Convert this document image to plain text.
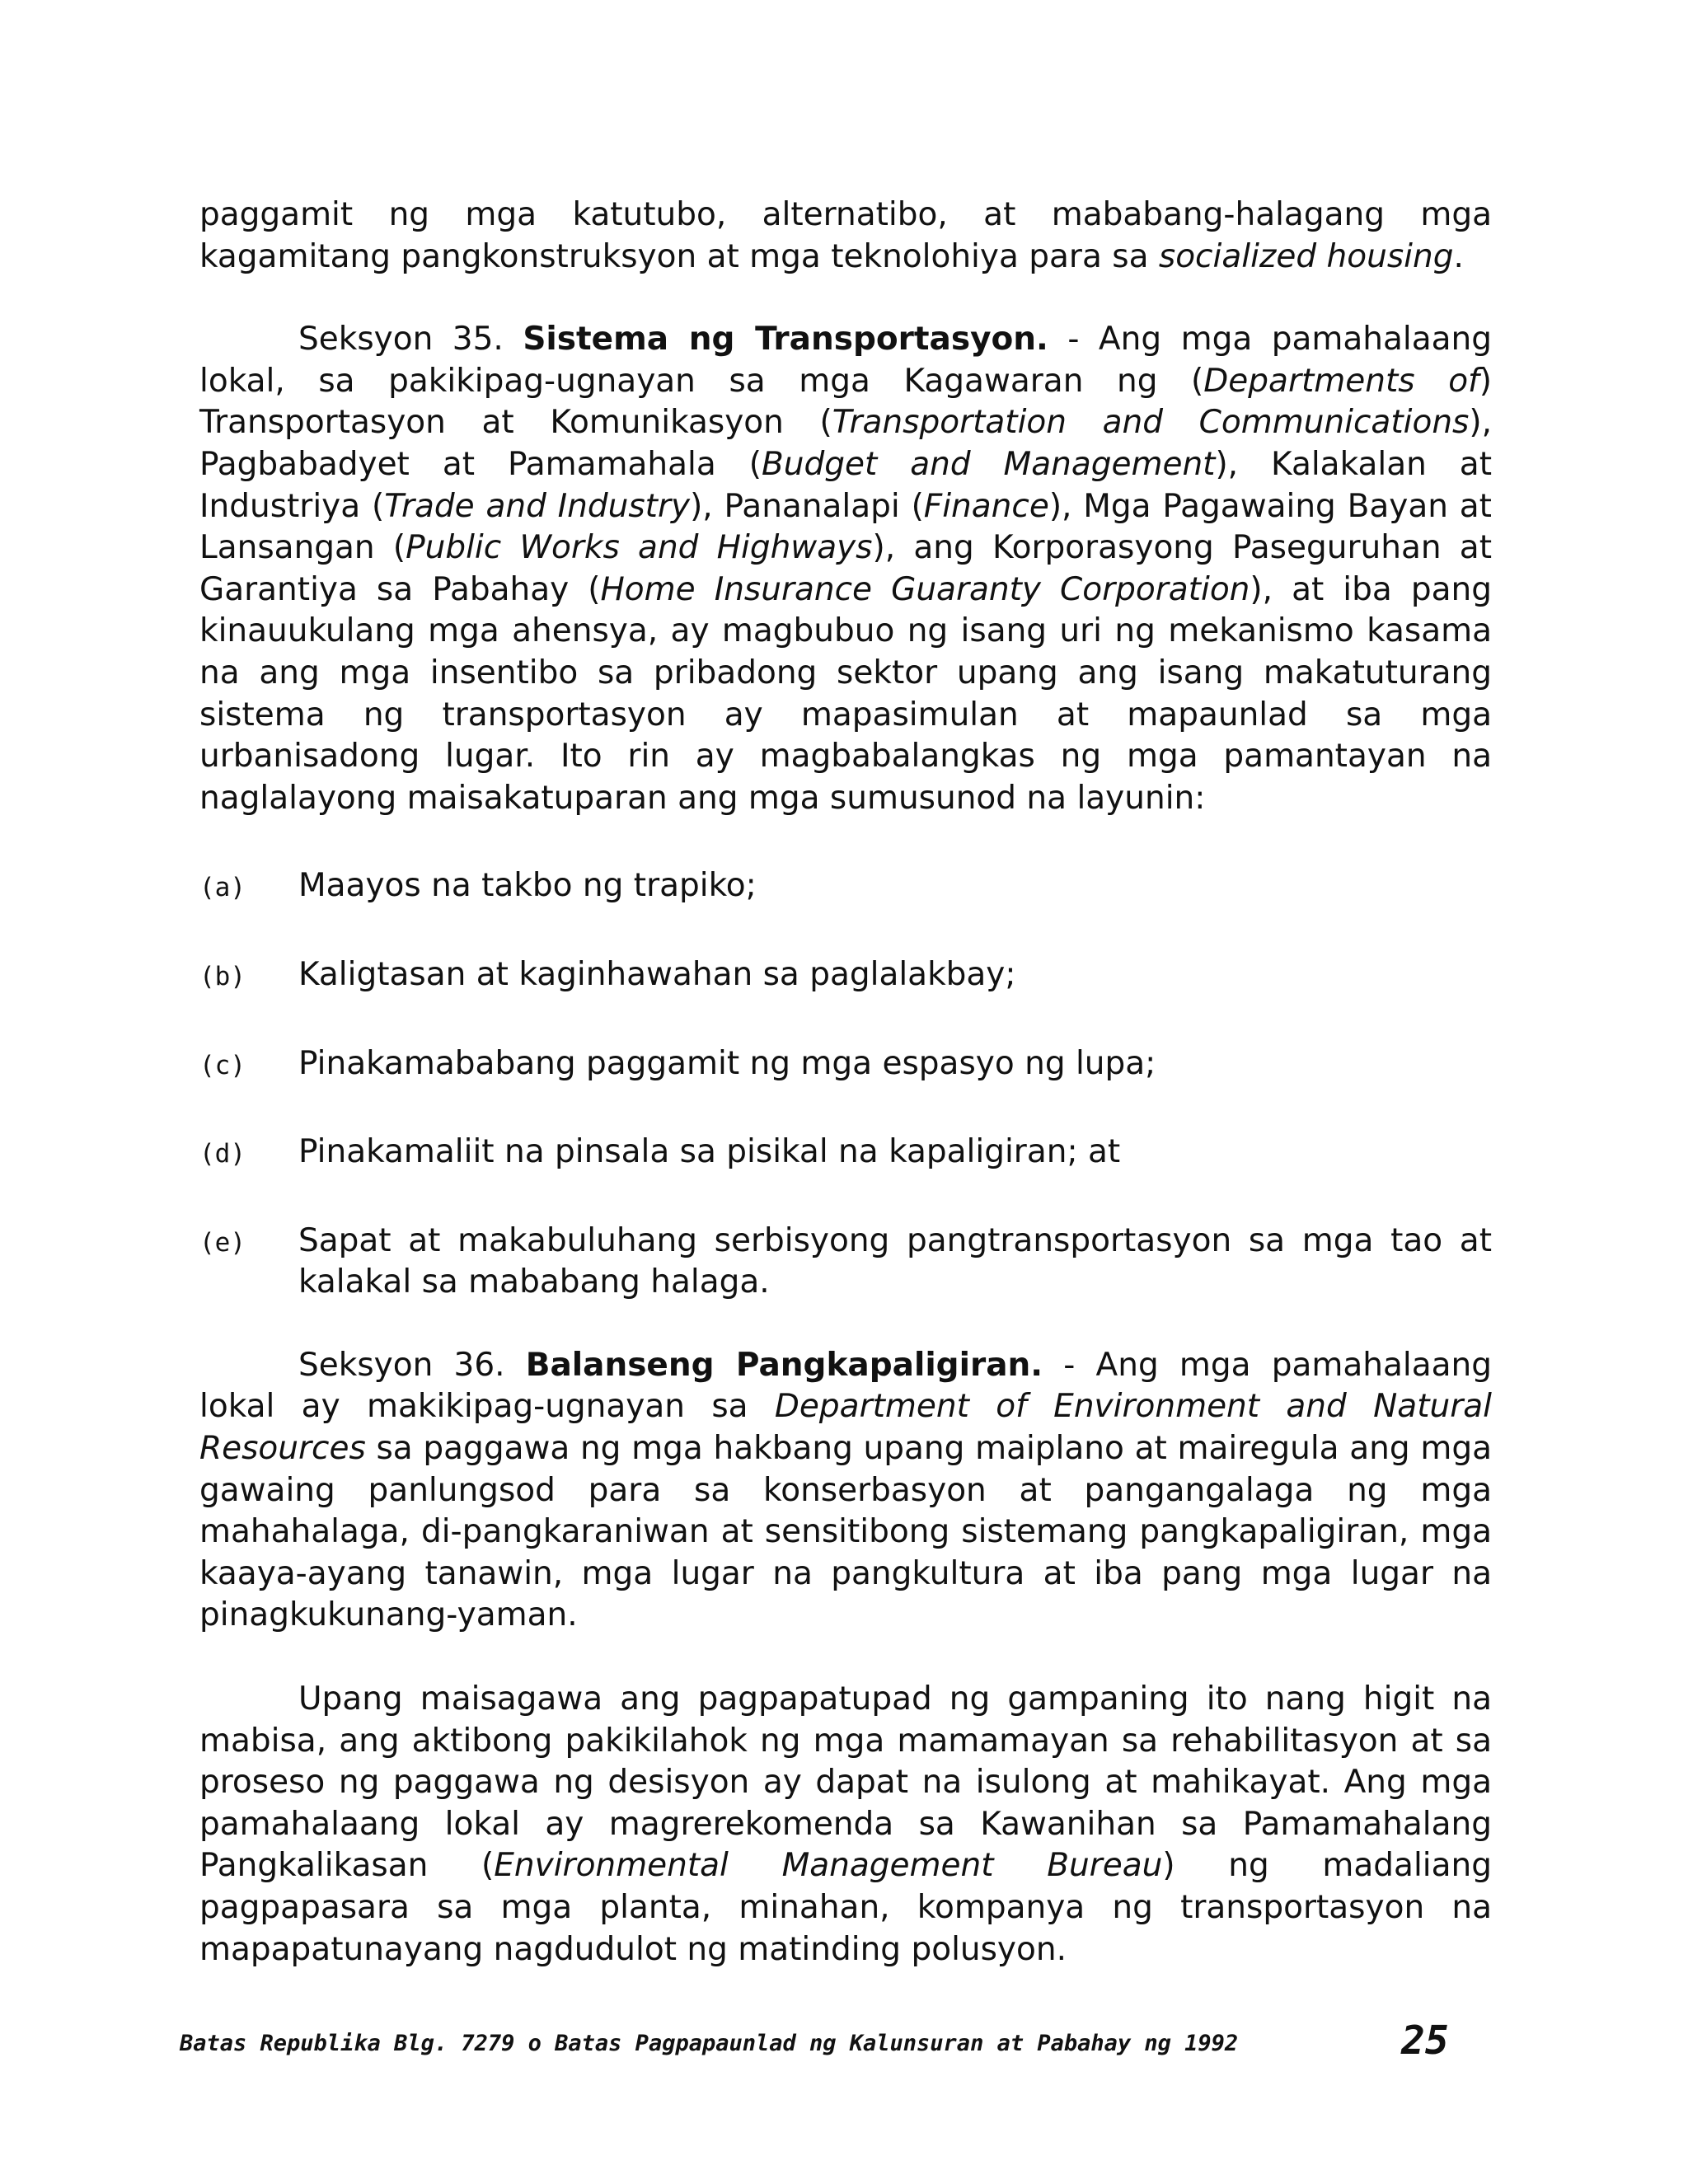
paggamit ng mga katutubo, alternatibo, at mababang-halagang mga kagamitang pangkonstruksyon at mga teknolohiya para sa socialized housing.

Seksyon 35. Sistema ng Transportasyon. - Ang mga pamahalaang lokal, sa pakikipag-ugnayan sa mga Kagawaran ng (Departments of) Transportasyon at Komunikasyon (Transportation and Communications), Pagbabadyet at Pamamahala (Budget and Management), Kalakalan at Industriya (Trade and Industry), Pananalapi (Finance), Mga Pagawaing Bayan at Lansangan (Public Works and Highways), ang Korporasyong Paseguruhan at Garantiya sa Pabahay (Home Insurance Guaranty Corporation), at iba pang kinauukulang mga ahensya, ay magbubuo ng isang uri ng mekanismo kasama na ang mga insentibo sa pribadong sektor upang ang isang makatuturang sistema ng transportasyon ay mapasimulan at mapaunlad sa mga urbanisadong lugar. Ito rin ay magbabalangkas ng mga pamantayan na naglalayong maisakatuparan ang mga sumusunod na layunin:

(a)	Maayos na takbo ng trapiko;
(b)	Kaligtasan at kaginhawahan sa paglalakbay;
(c)	Pinakamababang paggamit ng mga espasyo ng lupa;
(d)	Pinakamaliit na pinsala sa pisikal na kapaligiran; at
(e)	Sapat at makabuluhang serbisyong pangtransportasyon sa mga tao at kalakal sa mababang halaga.

Seksyon 36. Balanseng Pangkapaligiran. - Ang mga pamahalaang lokal ay makikipag-ugnayan sa Department of Environment and Natural Resources sa paggawa ng mga hakbang upang maiplano at mairegula ang mga gawaing panlungsod para sa konserbasyon at pangangalaga ng mga mahahalaga, di-pangkaraniwan at sensitibong sistemang pangkapaligiran, mga kaaya-ayang tanawin, mga lugar na pangkultura at iba pang mga lugar na pinagkukunang-yaman.

Upang maisagawa ang pagpapatupad ng gampaning ito nang higit na mabisa, ang aktibong pakikilahok ng mga mamamayan sa rehabilitasyon at sa proseso ng paggawa ng desisyon ay dapat na isulong at mahikayat. Ang mga pamahalaang lokal ay magrerekomenda sa Kawanihan sa Pamamahalang Pangkalikasan (Environmental Management Bureau) ng madaliang pagpapasara sa mga planta, minahan, kompanya ng transportasyon na mapapatunayang nagdudulot ng matinding polusyon.

Batas Republika Blg. 7279 o Batas Pagpapaunlad ng Kalunsuran at Pabahay ng 1992	25
